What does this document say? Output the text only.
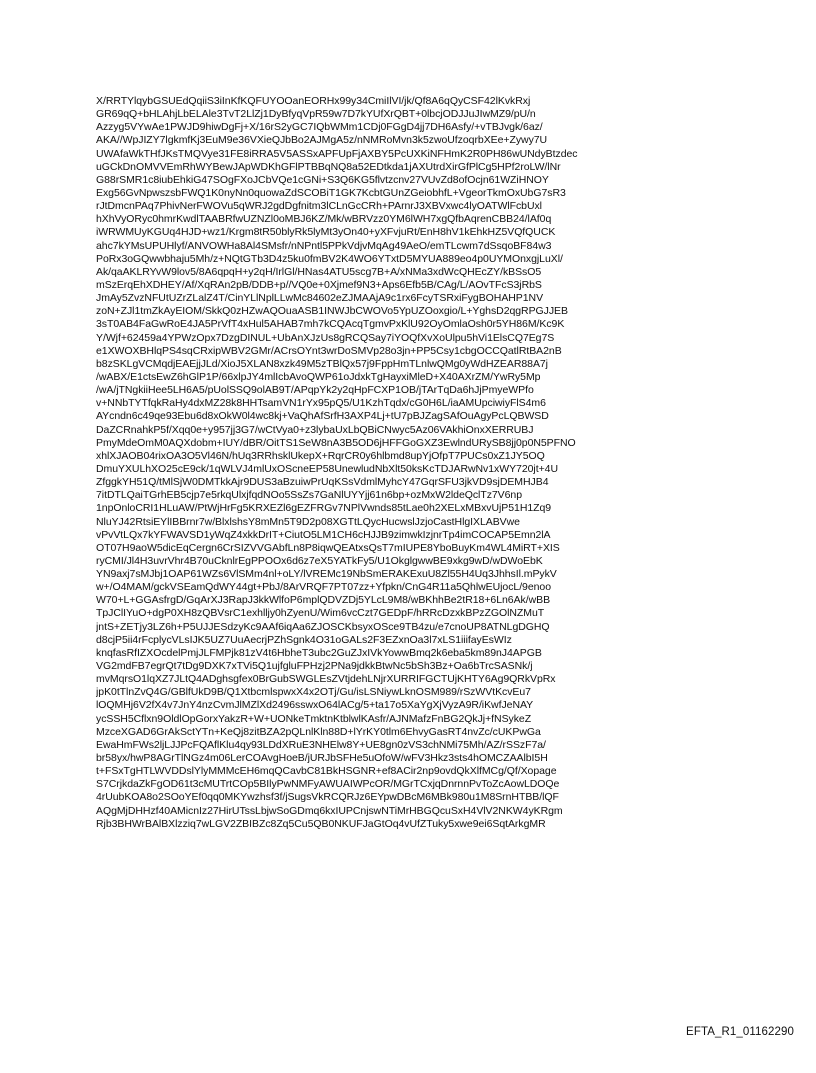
X/RRTYlqybGSUEdQqiiS3iInKfKQFUYOOanEORHx99y34CmiIlVI/jk/Qf8A6qQyCSF42lKvkRxj
GR69qQ+bHLAhjLbELAle3TvT2LlZj1DyBfyqVpR59w7D7kYUfXrQBT+0lbcjODJJuJIwMZ9/pU/n
Azzyg5VYwAe1PWJD9hiwDgFj+X/16rS2yGC7IQbWMm1CDj0FGgD4jj7DH6Asfy/+vTBJvgk/6az/
AKA//WpJIZY7lgkmfKj3EuM9e36VXieQJbBo2AJMgA5z/nNMRoMvn3k5zwoUfzoqrbXEe+Zywy7U
UWAfaWkTHfJKsTMQVye31FE8iRRA5V5ASSxAPFUpFjAXBY5PcUXKiNFHmK2R0PH86wUNdyBtzdec
uGCkDnOMVVEmRhWYBewJApWDKhGFlPTBBqNQ8a52EDtkda1jAXUtrdXirGfPlCg5HPf2roLW/lNr
G88rSMR1c8iubEhkiG47SOgFXoJCbVQe1cGNi+S3Q6KG5flvtzcnv27VUvZd8ofOcjn61WZiHNOY
Exg56GvNpwszsbFWQ1K0nyNn0quowaZdSCOBiT1GK7KcbtGUnZGeiobhfL+VgeorTkmOxUbG7sR3
rJtDmcnPAq7PhivNerFWOVu5qWRJ2gdDgfnitm3lCLnGcCRh+PArnrJ3XBVxwc4lyOATWlFcbUxl
hXhVyORyc0hmrKwdlTAABRfwUZNZl0oMBJ6KZ/Mk/wBRVzz0YM6lWH7xgQfbAqrenCBB24/lAf0q
iWRWMUyKGUq4HJD+wz1/Krgm8tR50blyRk5lyMt3yOn40+yXFvjuRt/EnH8hV1kEhkHZ5VQfQUCK
ahc7kYMsUPUHlyf/ANVOWHa8Al4SMsfr/nNPntl5PPkVdjvMqAg49AeO/emTLcwm7dSsqoBF84w3
PoRx3oGQwwbhaju5Mh/z+NQtGTb3D4z5ku0fmBV2K4WO6YTxtD5MYUA889eo4p0UYMOnxgjLuXl/
Ak/qaAKLRYvW9lov5/8A6qpqH+y2qH/IrlGl/HNas4ATU5scg7B+A/xNMa3xdWcQHEcZY/kBSsO5
mSzErqEhXDHEY/Af/XqRAn2pB/DDB+p//VQ0e+0Xjmef9N3+Aps6Efb5B/CAg/L/AOvTFcS3jRbS
JmAy5ZvzNFUtUZrZLalZ4T/CinYLlNplLLwMc84602eZJMAAjA9c1rx6FcyTSRxiFygBOHAHP1NV
zoN+ZJl1tmZkAyEIOM/SkkQ0zHZwAQOuaASB1INWJbCWOVo5YpUZOoxgio/L+YghsD2qgRPGJJEB
3sT0AB4FaGwRoE4JA5PrVfT4xHul5AHAB7mh7kCQAcqTgmvPxKlU92OyOmlaOsh0r5YH86M/Kc9K
Y/Wjf+62459a4YPWzOpx7DzgDINUL+UbAnXJzUs8gRCQSay7iYOQfXvXoUlpu5hVi1ElsCQ7Eg7S
e1XWOXBHlqPS4sqCRxipWBV2GMr/ACrsOYnt3wrDoSMVp28o3jn+PP5Csy1cbgOCCQatlRtBA2nB
b8zSKLgVCMqdjEAEjjJLd/XioJ5XLAN8xzk49M5zTBlQx57j9FppHmTLnlwQMg0yWdHZEAR88A7j
/wABX/E1ctsEwZ6hGlP1P/66xlpJY4mlIcbAvoQWP61oJdxkTgHayxiMleD+X40AXrZM/YwRy5Mp
/wA/jTNgkiiHee5LH6A5/pUolSSQ9olAB9T/APqpYk2y2qHpFCXP1OB/jTArTqDa6hJjPmyeWPfo
v+NNbTYTfqkRaHy4dxMZ28k8HHTsamVN1rYx95pQ5/U1KzhTqdx/cG0H6L/iaAMUpciwiyFlS4m6
AYcndn6c49qe93Ebu6d8xOkW0l4wc8kj+VaQhAfSrfH3AXP4Lj+tU7pBJZagSAfOuAgyPcLQBWSD
DaZCRnahkP5f/Xqq0e+y957jj3G7/wCtVya0+z3lybaUxLbQBiCNwyc5Az06VAkhiOnxXERRUBJ
PmyMdeOmM0AQXdobm+IUY/dBR/OitTS1SeW8nA3B5OD6jHFFGoGXZ3EwlndURySB8jj0p0N5PFNO
xhlXJAOB04rixOA3O5Vl46N/hUq3RRhsklUkepX+RqrCR0y6hlbmd8upYjOfpT7PUCs0xZ1JY5OQ
DmuYXULhXO25cE9ck/1qWLVJ4mlUxOScneEP58UnewludNbXlt50ksKcTDJARwNv1xWY720jt+4U
ZfggkYH51Q/tMlSjW0DMTkkAjr9DUS3aBzuiwPrUqKSsVdmlMyhcY47GqrSFU3jkVD9sjDEMHJB4
7itDTLQaiTGrhEB5cjp7e5rkqUlxjfqdNOo5SsZs7GaNlUYYjj61n6bp+ozMxW2ldeQclTz7V6np
1npOnloCRI1HLuAW/PtWjHrFg5KRXEZl6gEZFRGv7NPlVwnds85tLae0h2XELxMBxvUjP51H1Zq9
NluYJ42RtsiEYlIBBrnr7w/BlxlshsY8mMn5T9D2p08XGTtLQycHucwslJzjoCastHlgIXLABVwe
vPvVtLQx7kYFWAVSD1yWqZ4xkkDrIT+CiutO5LM1CH6cHJJB9zimwkIzjnrTp4imCOCAP5Emn2lA
OT07H9aoW5dicEqCergn6CrSIZVVGAbfLn8P8iqwQEAtxsQsT7mIUPE8YboBuyKm4WL4MiRT+XIS
ryCMI/Jl4H3uvrVhr4B70uCknlrEgPPOOx6d6z7eX5YATkFy5/U1OkglgwwBE9xkg9wD/wDWoEbK
YN9axj7sMJbj1OAP61WZs6VlSMm4nl+oLY/lVREMc19NbSmERAKExuU8Zl55H4Uq3JhhsIl.mPykV
w+/O4MAM/gckVSEamQdWY44gt+PbJ/8ArVRQF7PT07zz+Yfpkn/CnG4R11a5QhlwEUjocL/9enoo
W70+L+GGAsfrgD/GqArXJ3RapJ3kkWlfoP6mplQDVZDj5YLcL9M8/wBKhhBe2tR18+6Ln6Ak/wBB
TpJClIYuO+dgP0XH8zQBVsrC1exhlljy0hZyenU/Wim6vcCzt7GEDpF/hRRcDzxkBPzZGOlNZMuT
jntS+ZETjy3LZ6h+P5UJJESdzyKc9AAf6iqAa6ZJOSCKbsyxOSce9TB4zu/e7cnoUP8ATNLgDGHQ
d8cjP5ii4rFcplycVLsIJK5UZ7UuAecrjPZhSgnk4O31oGALs2F3EZxnOa3l7xLS1iiifayEsWIz
knqfasRfIZXOcdelPmjJLFMPjk81zV4t6HbheT3ubc2GuZJxIVkYowwBmq2k6eba5km89nJ4APGB
VG2mdFB7egrQt7tDg9DXK7xTVi5Q1ujfgluFPHzj2PNa9jdkkBtwNc5bSh3Bz+Oa6bTrcSASNk/j
mvMqrsO1lqXZ7JLtQ4ADghsgfex0BrGubSWGLEsZVtjdehLNjrXURRIFGCTUjKHTY6Ag9QRkVpRx
jpK0tTlnZvQ4G/GBlfUkD9B/Q1XtbcmlspwxX4x2OTj/Gu/isLSNiywLknOSM989/rSzWVtKcvEu7
lOQMHj6V2fX4v7JnY4nzCvmJlMZlXd2496sswxO64lACg/5+ta17o5XaYgXjVyzA9R/iKwfJeNAY
ycSSH5Cflxn9OldlOpGorxYakzR+W+UONkeTmktnKtblwlKAsfr/AJNMafzFnBG2QkJj+fNSykeZ
MzceXGAD6GrAkSctYTn+KeQj8zitBZA2pQLnlKln88D+lYrKY0tlm6EhvyGasRT4nvZc/cUKPwGa
EwaHmFWs2ljLJJPcFQAflKlu4qy93LDdXRuE3NHElw8Y+UE8gn0zVS3chNMi75Mh/AZ/rSSzF7a/
br58yx/hwP8AGrTlNGz4m06LerCOAvgHoeB/jURJbSFHe5uOfoW/wFV3Hkz3sts4hOMCZAAlbI5H
t+FSxTgHTLWVDDslYlyMMMcEH6mqQCavbC81BkHSGNR+ef8ACir2np9ovdQkXlfMCg/Qf/Xopage
S7CrjkdaZkFgOD61t3cMUTrtCOp5BIlyPwNMFyAWUAIWPcOR/MGrTCxjqDnrnnPvToZcAowLDOQe
4rUubKOA8o2SOoYEf0qq0MKYwzhsf3f/jSugsVkRCQRJz6EYpwDBcM6MBk980u1M8SrnHTBB/lQF
AQgMjDHHzf40AMicnIz27HirUTssLbjwSoGDmq6kxIUPCnjswNTiMrHBGQcuSxH4VlV2NKW4yKRgm
Rjb3BHWrBAlBXlzziq7wLGV2ZBIBZc8Zq5Cu5QB0NKUFJaGtOq4vUfZTuky5xwe9ei6SqtArkgMR
EFTA_R1_01162290
